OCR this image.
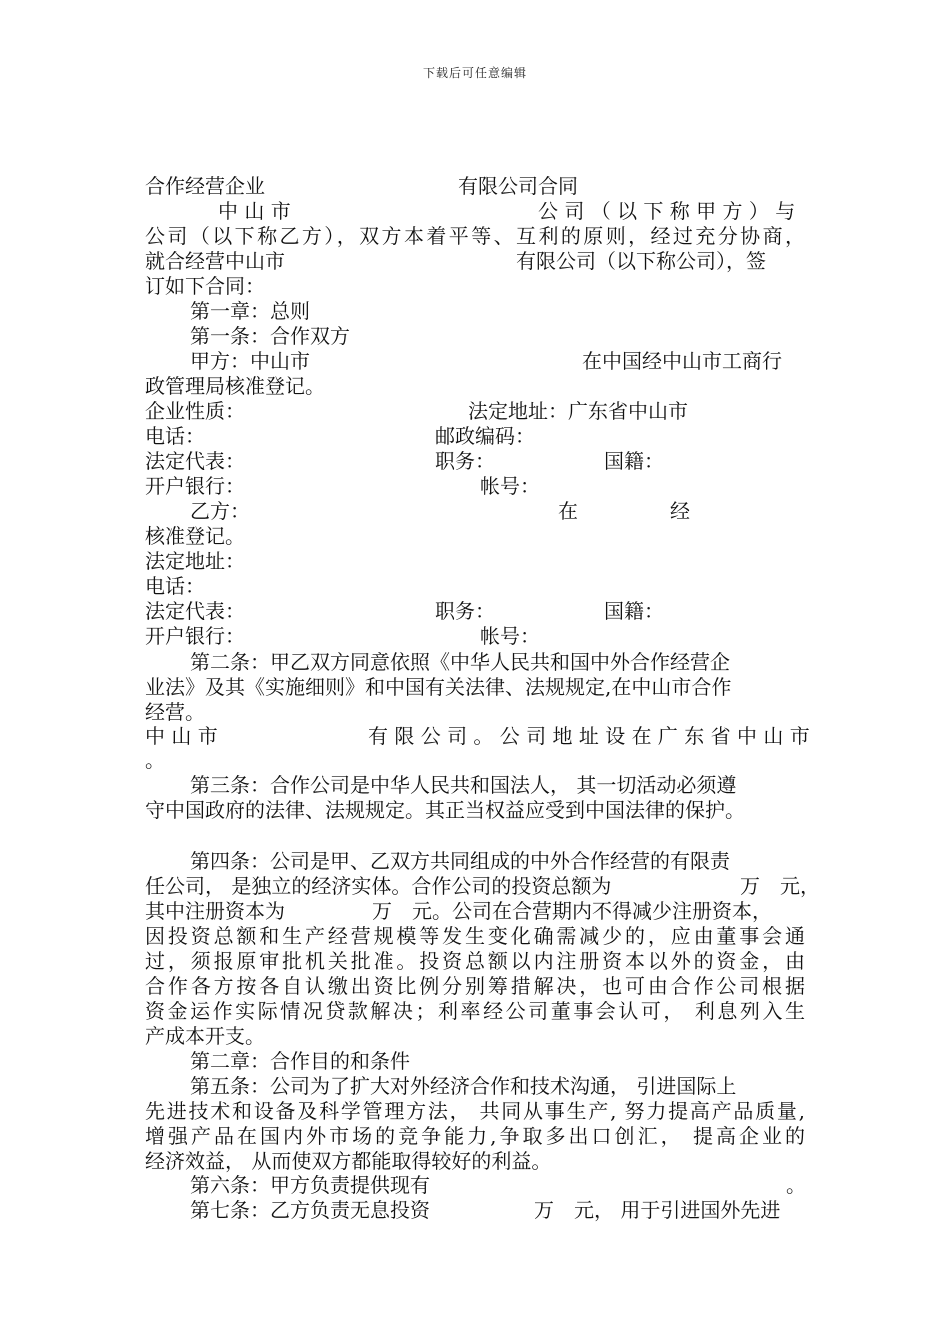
下载后可任意编辑
合作经营企业	有限公司合同
中 山 市	公 司 （ 以 下 称 甲 方 ） 与
公司（以下称乙方），双方本着平等、互利的原则，经过充分协商，
就合经营中山市	有限公司（以下称公司），签
订如下合同：
第一章：总则
第一条：合作双方
甲方：中山市	在中国经中山市工商行
政管理局核准登记。
企业性质：	法定地址：广东省中山市
电话：	邮政编码：
法定代表：	职务：	国籍：
开户银行：	帐号：
乙方：	在	经
核准登记。
法定地址：
电话：
法定代表：	职务：	国籍：
开户银行：	帐号：
第二条：甲乙双方同意依照《中华人民共和国中外合作经营企
业法》及其《实施细则》和中国有关法律、法规规定,在中山市合作
经营。
中 山 市	有 限 公 司 。 公 司 地 址 设 在 广 东 省 中 山 市
。
第三条：合作公司是中华人民共和国法人， 其一切活动必须遵
守中国政府的法律、法规规定。其正当权益应受到中国法律的保护。
第四条：公司是甲、乙双方共同组成的中外合作经营的有限责
任公司， 是独立的经济实体。合作公司的投资总额为	万　元，
其中注册资本为	万　元。公司在合营期内不得减少注册资本，
因投资总额和生产经营规模等发生变化确需减少的，应由董事会通
过，须报原审批机关批准。投资总额以内注册资本以外的资金，由
合作各方按各自认缴出资比例分别筹措解决，也可由合作公司根据
资金运作实际情况贷款解决；利率经公司董事会认可， 利息列入生
产成本开支。
第二章：合作目的和条件
第五条：公司为了扩大对外经济合作和技术沟通， 引进国际上
先进技术和设备及科学管理方法， 共同从事生产, 努力提高产品质量,
增强产品在国内外市场的竞争能力,争取多出口创汇， 提高企业的
经济效益， 从而使双方都能取得较好的利益。
第六条：甲方负责提供现有	。
第七条：乙方负责无息投资	万　元， 用于引进国外先进
